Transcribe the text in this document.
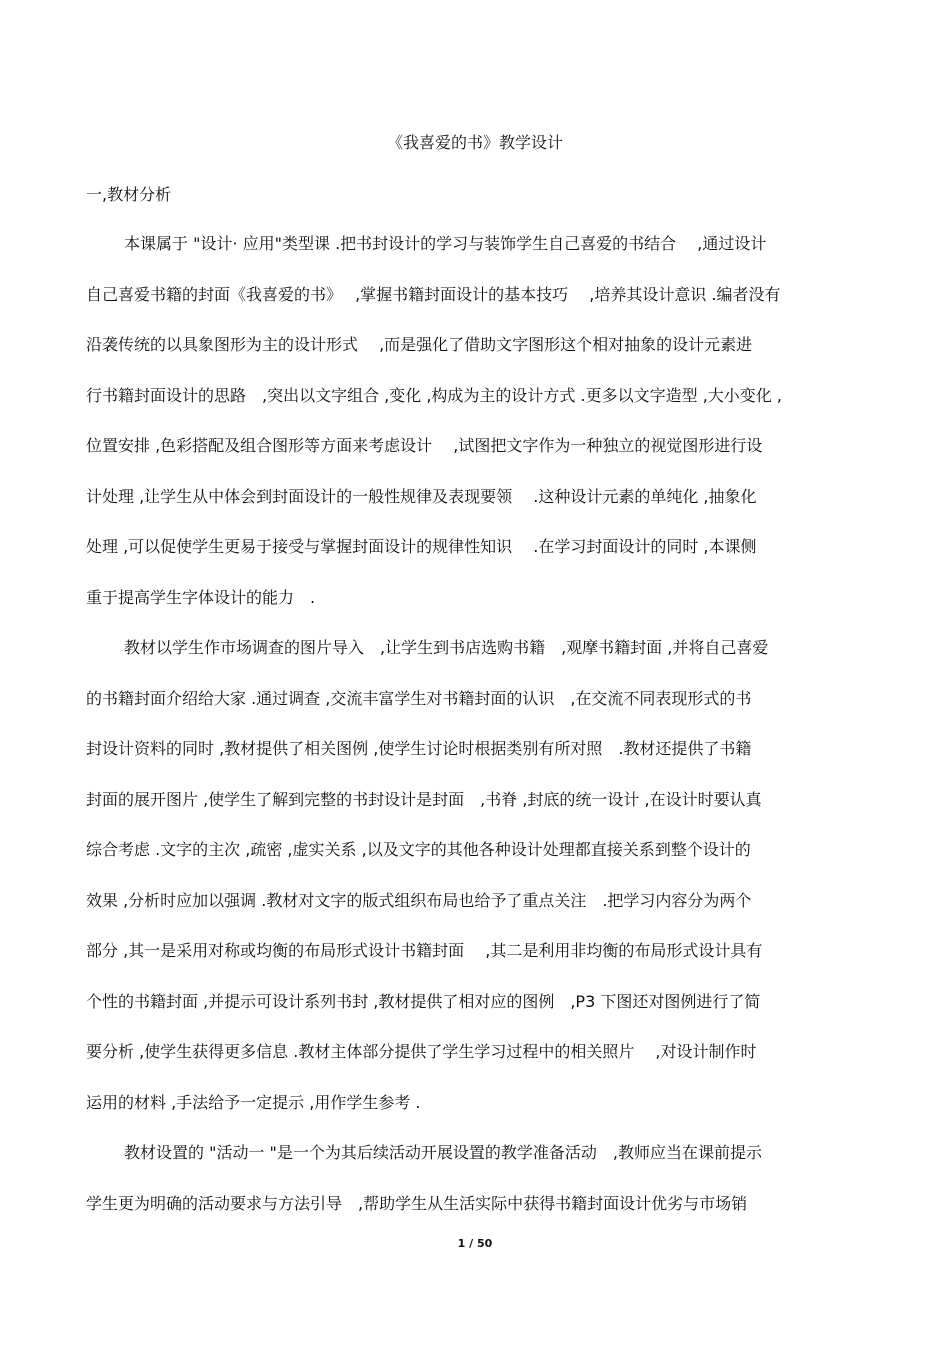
《我喜爱的书》教学设计
一,教材分析
本课属于 "设计· 应用"类型课 .把书封设计的学习与装饰学生自己喜爱的书结合　 ,通过设计
自己喜爱书籍的封面《我喜爱的书》　 ,掌握书籍封面设计的基本技巧　 ,培养其设计意识 .编者没有
沿袭传统的以具象图形为主的设计形式　 ,而是强化了借助文字图形这个相对抽象的设计元素进
行书籍封面设计的思路　,突出以文字组合 ,变化 ,构成为主的设计方式 .更多以文字造型 ,大小变化 ,
位置安排 ,色彩搭配及组合图形等方面来考虑设计　 ,试图把文字作为一种独立的视觉图形进行设
计处理 ,让学生从中体会到封面设计的一般性规律及表现要领　 .这种设计元素的单纯化 ,抽象化
处理 ,可以促使学生更易于接受与掌握封面设计的规律性知识　 .在学习封面设计的同时 ,本课侧
重于提高学生字体设计的能力　.
教材以学生作市场调查的图片导入　,让学生到书店选购书籍　,观摩书籍封面 ,并将自己喜爱
的书籍封面介绍给大家 .通过调查 ,交流丰富学生对书籍封面的认识　,在交流不同表现形式的书
封设计资料的同时 ,教材提供了相关图例 ,使学生讨论时根据类别有所对照　.教材还提供了书籍
封面的展开图片 ,使学生了解到完整的书封设计是封面　,书脊 ,封底的统一设计 ,在设计时要认真
综合考虑 .文字的主次 ,疏密 ,虚实关系 ,以及文字的其他各种设计处理都直接关系到整个设计的
效果 ,分析时应加以强调 .教材对文字的版式组织布局也给予了重点关注　.把学习内容分为两个
部分 ,其一是采用对称或均衡的布局形式设计书籍封面　 ,其二是利用非均衡的布局形式设计具有
个性的书籍封面 ,并提示可设计系列书封 ,教材提供了相对应的图例　,P3 下图还对图例进行了简
要分析 ,使学生获得更多信息 .教材主体部分提供了学生学习过程中的相关照片　 ,对设计制作时
运用的材料 ,手法给予一定提示 ,用作学生参考 .
教材设置的 "活动一 "是一个为其后续活动开展设置的教学准备活动　,教师应当在课前提示
学生更为明确的活动要求与方法引导　,帮助学生从生活实际中获得书籍封面设计优劣与市场销
1 / 50
